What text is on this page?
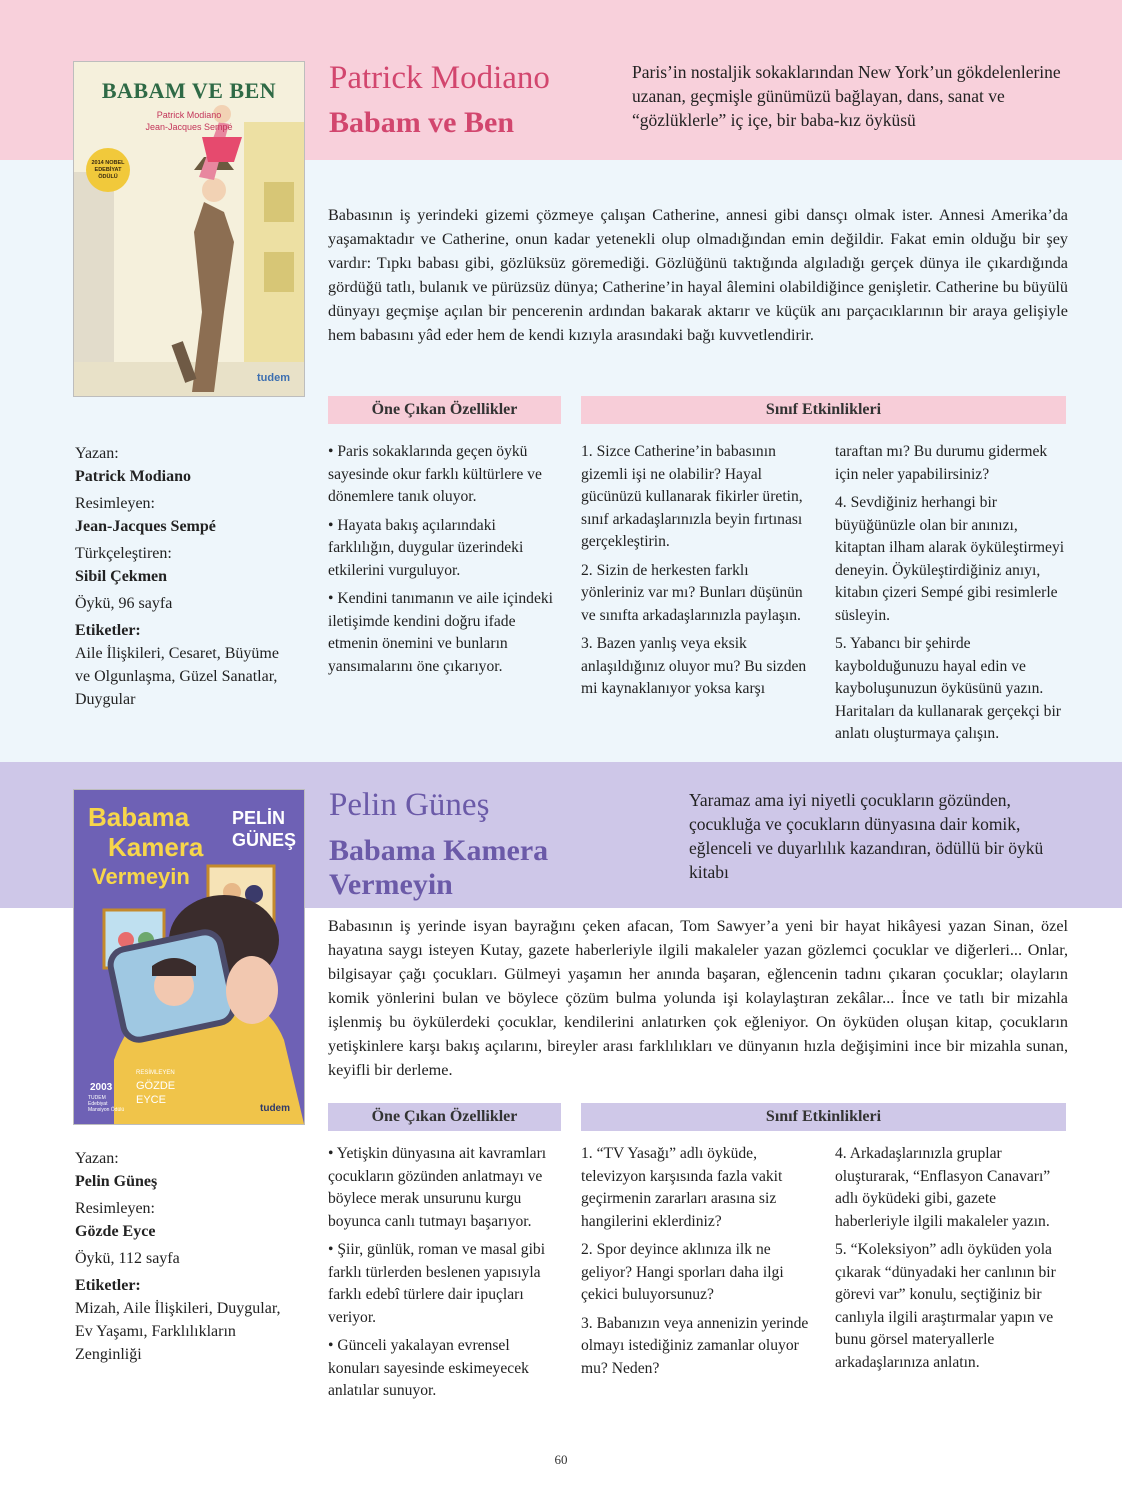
BABAM VE BEN
Patrick Modiano
Jean-Jacques Sempé
2014 NOBEL EDEBİYAT ÖDÜLÜ
tudem
Patrick Modiano
Babam ve Ben
Paris’in nostaljik sokaklarından New York’un gökdelenlerine uzanan, geçmişle günümüzü bağlayan, dans, sanat ve “gözlüklerle” iç içe, bir baba-kız öyküsü
Babasının iş yerindeki gizemi çözmeye çalışan Catherine, annesi gibi dansçı olmak ister. Annesi Amerika’da yaşamaktadır ve Catherine, onun kadar yetenekli olup olmadığından emin değildir. Fakat emin olduğu bir şey vardır: Tıpkı babası gibi, gözlüksüz göremediği. Gözlüğünü taktığında algıladığı gerçek dünya ile çıkardığında gördüğü tatlı, bulanık ve pürüzsüz dünya; Catherine’in hayal âlemini olabildiğince genişletir. Catherine bu büyülü dünyayı geçmişe açılan bir pencerenin ardından bakarak aktarır ve küçük anı parçacıklarının bir araya gelişiyle hem babasını yâd eder hem de kendi kızıyla arasındaki bağı kuvvetlendirir.
Öne Çıkan Özellikler	Sınıf Etkinlikleri

• Paris sokaklarında geçen öykü sayesinde okur farklı kültürlere ve dönemlere tanık oluyor.

• Hayata bakış açılarındaki farklılığın, duygular üzerindeki etkilerini vurguluyor.

• Kendini tanımanın ve aile içindeki iletişimde kendini doğru ifade etmenin önemini ve bunların yansımalarını öne çıkarıyor.

1. Sizce Catherine’in babasının gizemli işi ne olabilir? Hayal gücünüzü kullanarak fikirler üretin, sınıf arkadaşlarınızla beyin fırtınası gerçekleştirin.

2. Sizin de herkesten farklı yönleriniz var mı? Bunları düşünün ve sınıfta arkadaşlarınızla paylaşın.

3. Bazen yanlış veya eksik anlaşıldığınız oluyor mu? Bu sizden mi kaynaklanıyor yoksa karşı

taraftan mı? Bu durumu gidermek için neler yapabilirsiniz?

4. Sevdiğiniz herhangi bir büyüğünüzle olan bir anınızı, kitaptan ilham alarak öyküleştirmeyi deneyin. Öyküleştirdiğiniz anıyı, kitabın çizeri Sempé gibi resimlerle süsleyin.

5. Yabancı bir şehirde kaybolduğunuzu hayal edin ve kayboluşunuzun öyküsünü yazın. Haritaları da kullanarak gerçekçi bir anlatı oluşturmaya çalışın.

Yazan:

Patrick Modiano

Resimleyen:

Jean-Jacques Sempé

Türkçeleştiren:

Sibil Çekmen

Öykü, 96 sayfa

Etiketler:

Aile İlişkileri, Cesaret, Büyüme ve Olgunlaşma, Güzel Sanatlar, Duygular

Babama
Kamera
Vermeyin
PELİN
GÜNEŞ
2003
TUDEM Edebiyat Mansiyon Ödülü
RESİMLEYEN
GÖZDE
EYCE
tudem
Pelin Güneş
Babama Kamera
Vermeyin
Yaramaz ama iyi niyetli çocukların gözünden, çocukluğa ve çocukların dünyasına dair komik, eğlenceli ve duyarlılık kazandıran, ödüllü bir öykü kitabı
Babasının iş yerinde isyan bayrağını çeken afacan, Tom Sawyer’a yeni bir hayat hikâyesi yazan Sinan, özel hayatına saygı isteyen Kutay, gazete haberleriyle ilgili makaleler yazan gözlemci çocuklar ve diğerleri... Onlar, bilgisayar çağı çocukları. Gülmeyi yaşamın her anında başaran, eğlencenin tadını çıkaran çocuklar; olayların komik yönlerini bulan ve böylece çözüm bulma yolunda işi kolaylaştıran zekâlar... İnce ve tatlı bir mizahla işlenmiş bu öykülerdeki çocuklar, kendilerini anlatırken çok eğleniyor. On öyküden oluşan kitap, çocukların yetişkinlere karşı bakış açılarını, bireyler arası farklılıkları ve dünyanın hızla değişimini ince bir mizahla sunan, keyifli bir derleme.
Öne Çıkan Özellikler	Sınıf Etkinlikleri

• Yetişkin dünyasına ait kavramları çocukların gözünden anlatmayı ve böylece merak unsurunu kurgu boyunca canlı tutmayı başarıyor.

• Şiir, günlük, roman ve masal gibi farklı türlerden beslenen yapısıyla farklı edebî türlere dair ipuçları veriyor.

• Günceli yakalayan evrensel konuları sayesinde eskimeyecek anlatılar sunuyor.

1. “TV Yasağı” adlı öyküde, televizyon karşısında fazla vakit geçirmenin zararları arasına siz hangilerini eklerdiniz?

2. Spor deyince aklınıza ilk ne geliyor? Hangi sporları daha ilgi çekici buluyorsunuz?

3. Babanızın veya annenizin yerinde olmayı istediğiniz zamanlar oluyor mu? Neden?

4. Arkadaşlarınızla gruplar oluşturarak, “Enflasyon Canavarı” adlı öyküdeki gibi, gazete haberleriyle ilgili makaleler yazın.

5. “Koleksiyon” adlı öyküden yola çıkarak “dünyadaki her canlının bir görevi var” konulu, seçtiğiniz bir canlıyla ilgili araştırmalar yapın ve bunu görsel materyallerle arkadaşlarınıza anlatın.

Yazan:

Pelin Güneş

Resimleyen:

Gözde Eyce

Öykü, 112 sayfa

Etiketler:

Mizah, Aile İlişkileri, Duygular, Ev Yaşamı, Farklılıkların Zenginliği

60
